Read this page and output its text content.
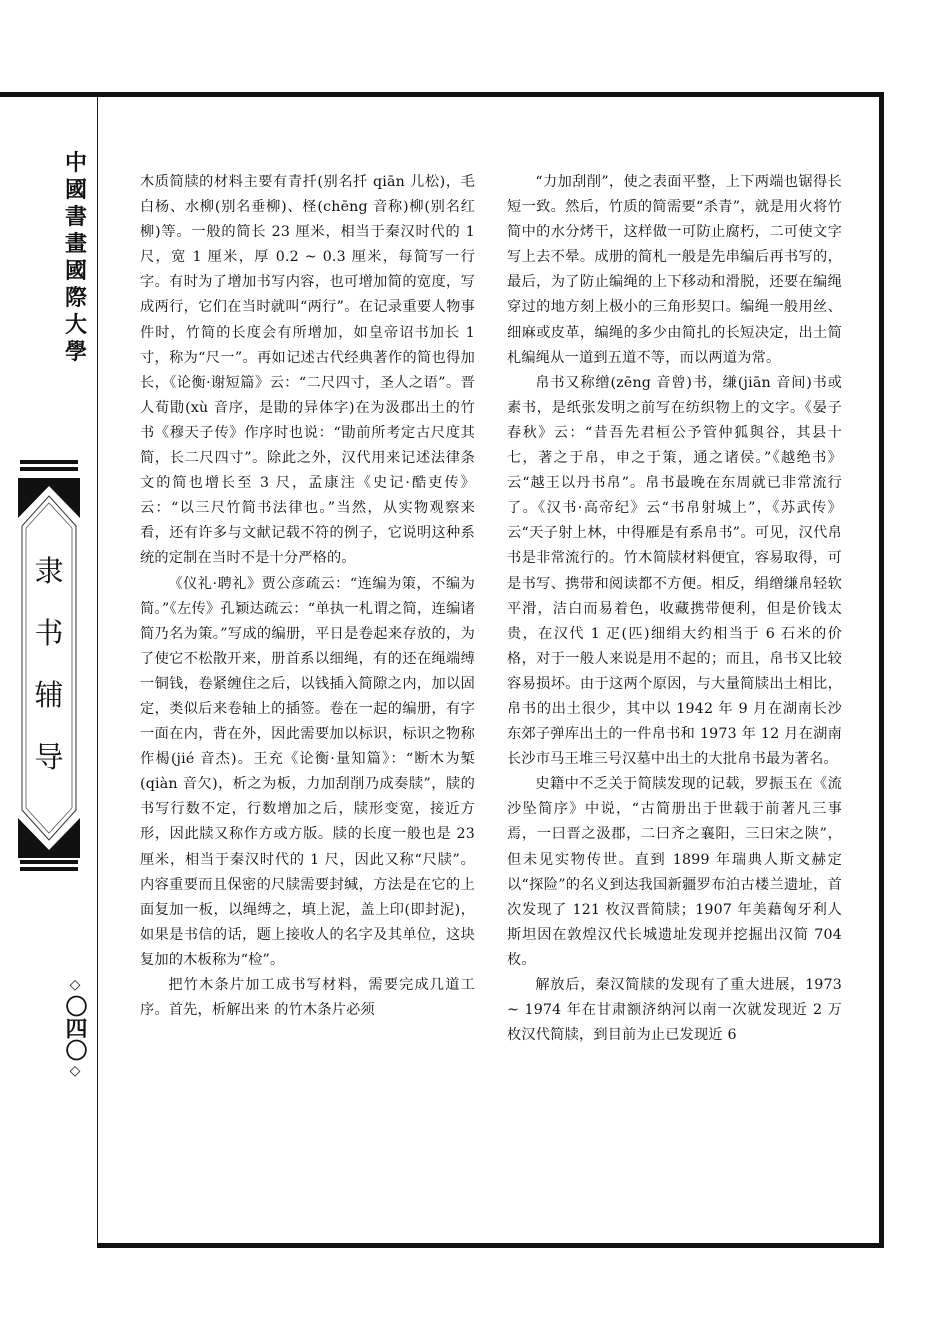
中國書畫國際大學
隶书辅导
◇
〇四〇
◇

木质简牍的材料主要有青扦(别名扦 qiān 儿松)，毛白杨、水柳(别名垂柳)、柽(chēng 音称)柳(别名红柳)等。一般的简长 23 厘米，相当于秦汉时代的 1 尺，宽 1 厘米，厚 0.2 ~ 0.3 厘米，每简写一行字。有时为了增加书写内容，也可增加简的宽度，写成两行，它们在当时就叫“两行”。在记录重要人物事件时，竹简的长度会有所增加，如皇帝诏书加长 1 寸，称为“尺一”。再如记述古代经典著作的简也得加长，《论衡·谢短篇》云：“二尺四寸，圣人之语”。晋人荀勖(xù 音序，是勖的异体字)在为汲郡出土的竹书《穆天子传》作序时也说：“勖前所考定古尺度其简，长二尺四寸”。除此之外，汉代用来记述法律条文的简也增长至 3 尺，孟康注《史记·酷吏传》云：“以三尺竹简书法律也。”当然，从实物观察来看，还有许多与文献记载不符的例子，它说明这种系统的定制在当时不是十分严格的。

《仪礼·聘礼》贾公彦疏云：“连编为策，不编为简。”《左传》孔颖达疏云：“单执一札谓之简，连编诸简乃名为策。”写成的编册，平日是卷起来存放的，为了使它不松散开来，册首系以细绳，有的还在绳端缚一铜钱，卷紧缠住之后，以钱插入简隙之内，加以固定，类似后来卷轴上的插签。卷在一起的编册，有字一面在内，背在外，因此需要加以标识，标识之物称作楬(jié 音杰)。王充《论衡·量知篇》：“断木为椠(qiàn 音欠)，析之为板，力加刮削乃成奏牍”，牍的书写行数不定，行数增加之后，牍形变宽，接近方形，因此牍又称作方或方版。牍的长度一般也是 23 厘米，相当于秦汉时代的 1 尺，因此又称“尺牍”。内容重要而且保密的尺牍需要封缄，方法是在它的上面复加一板，以绳缚之，填上泥，盖上印(即封泥)，如果是书信的话，题上接收人的名字及其单位，这块复加的木板称为“检”。

把竹木条片加工成书写材料，需要完成几道工序。首先，析解出来 的竹木条片必须

“力加刮削”，使之表面平整，上下两端也锯得长短一致。然后，竹质的简需要“杀青”，就是用火将竹简中的水分烤干，这样做一可防止腐朽，二可使文字写上去不晕。成册的简札一般是先串编后再书写的，最后，为了防止编绳的上下移动和滑脱，还要在编绳穿过的地方刻上极小的三角形契口。编绳一般用丝、细麻或皮革，编绳的多少由简扎的长短决定，出土简札编绳从一道到五道不等，而以两道为常。

帛书又称缯(zēng 音曾)书，缣(jiān 音间)书或素书，是纸张发明之前写在纺织物上的文字。《晏子春秋》云：“昔吾先君桓公予管仲狐與谷，其县十七，著之于帛，申之于策，通之诸侯。”《越绝书》云“越王以丹书帛”。帛书最晚在东周就已非常流行了。《汉书·高帝纪》云“书帛射城上”，《苏武传》云“天子射上林，中得雁是有系帛书”。可见，汉代帛书是非常流行的。竹木简牍材料便宜，容易取得，可是书写、携带和阅读都不方便。相反，绢缯缣帛轻软平滑，洁白而易着色，收藏携带便利，但是价钱太贵，在汉代 1 疋(匹)细绢大约相当于 6 石米的价格，对于一般人来说是用不起的；而且，帛书又比较容易损坏。由于这两个原因，与大量简牍出土相比，帛书的出土很少，其中以 1942 年 9 月在湖南长沙东郊子弹库出土的一件帛书和 1973 年 12 月在湖南长沙市马王堆三号汉墓中出土的大批帛书最为著名。

史籍中不乏关于简牍发现的记载，罗振玉在《流沙坠简序》中说，“古简册出于世载于前著凡三事焉，一曰晋之汲郡，二曰齐之襄阳，三曰宋之陕”，但未见实物传世。直到 1899 年瑞典人斯文赫定以“探险”的名义到达我国新疆罗布泊古楼兰遗址，首次发现了 121 枚汉晋简牍；1907 年美藉匈牙利人斯坦因在敦煌汉代长城遗址发现并挖掘出汉简 704 枚。

解放后，秦汉简牍的发现有了重大进展，1973 ~ 1974 年在甘肃额济纳河以南一次就发现近 2 万枚汉代简牍，到目前为止已发现近 6
